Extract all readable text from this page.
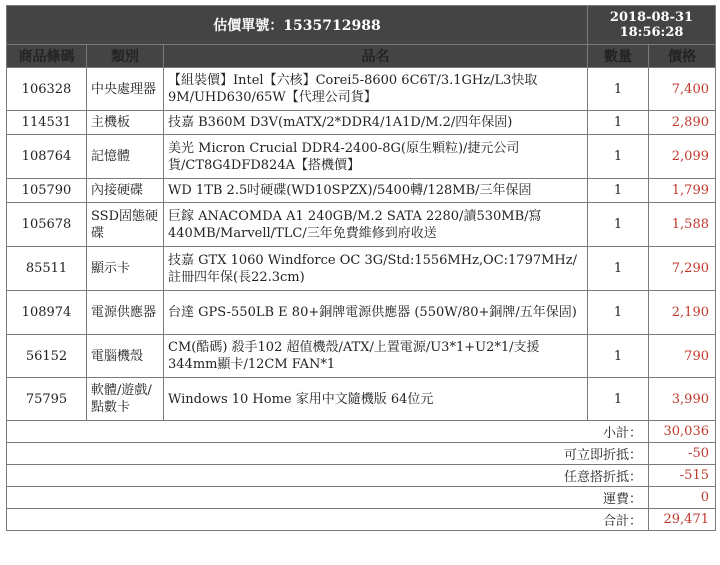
估價單號：1535712988			2018-08-31
18:56:28	

商品條碼	類別	品名	數量	價格
106328	中央處理器	【組裝價】Intel【六核】Corei5-8600 6C6T/3.1GHz/L3快取9M/UHD630/65W【代理公司貨】	1	7,400
114531	主機板	技嘉 B360M D3V(mATX/2*DDR4/1A1D/M.2/四年保固)	1	2,890
108764	記憶體	美光 Micron Crucial DDR4-2400-8G(原生顆粒)/捷元公司貨/CT8G4DFD824A【搭機價】	1	2,099
105790	內接硬碟	WD 1TB 2.5吋硬碟(WD10SPZX)/5400轉/128MB/三年保固	1	1,799
105678	SSD固態硬碟	巨鎵 ANACOMDA A1 240GB/M.2 SATA 2280/讀530MB/寫440MB/Marvell/TLC/三年免費維修到府收送	1	1,588
85511	顯示卡	技嘉 GTX 1060 Windforce OC 3G/Std:1556MHz,OC:1797MHz/註冊四年保(長22.3cm)	1	7,290
108974	電源供應器	台達 GPS-550LB E 80+銅牌電源供應器 (550W/80+銅牌/五年保固)	1	2,190
56152	電腦機殼	CM(酷碼) 殺手102 超值機殼/ATX/上置電源/U3*1+U2*1/支援344mm顯卡/12CM FAN*1	1	790
75795	軟體/遊戲/點數卡	Windows 10 Home 家用中文隨機版 64位元	1	3,990
小計：				30,036
可立即折抵：				-50
任意搭折抵：				-515
運費：				0
合計：				29,471
